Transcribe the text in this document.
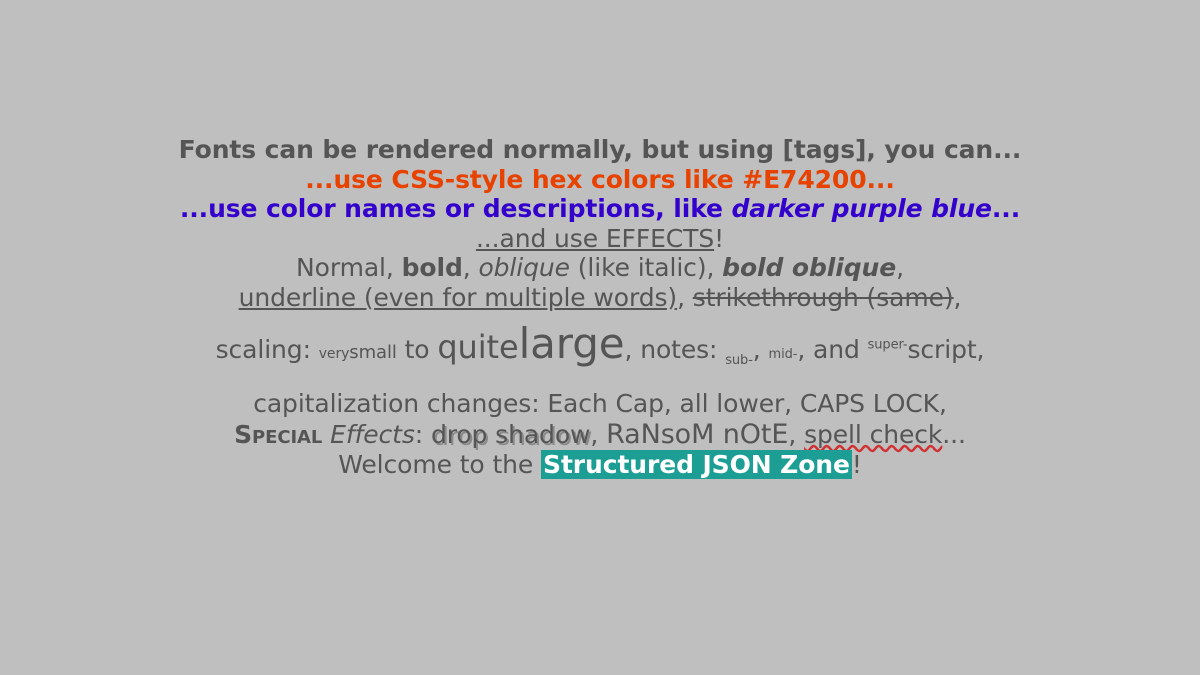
Fonts can be rendered normally, but using [tags], you can...
...use CSS-style hex colors like #E74200...
...use color names or descriptions, like darker purple blue...
...and use EFFECTS!
Normal, bold, oblique (like italic), bold oblique,
underline (even for multiple words), strikethrough (same),
scaling: verysmall to quitelarge, notes: $_{sub-}$, mid-, and $^{super-}$script,
capitalization changes: Each Cap, all lower, CAPS LOCK,
Special Effects: drop shadow, RaNsoM nOtE, spell check...
Welcome to the Structured JSON Zone!
